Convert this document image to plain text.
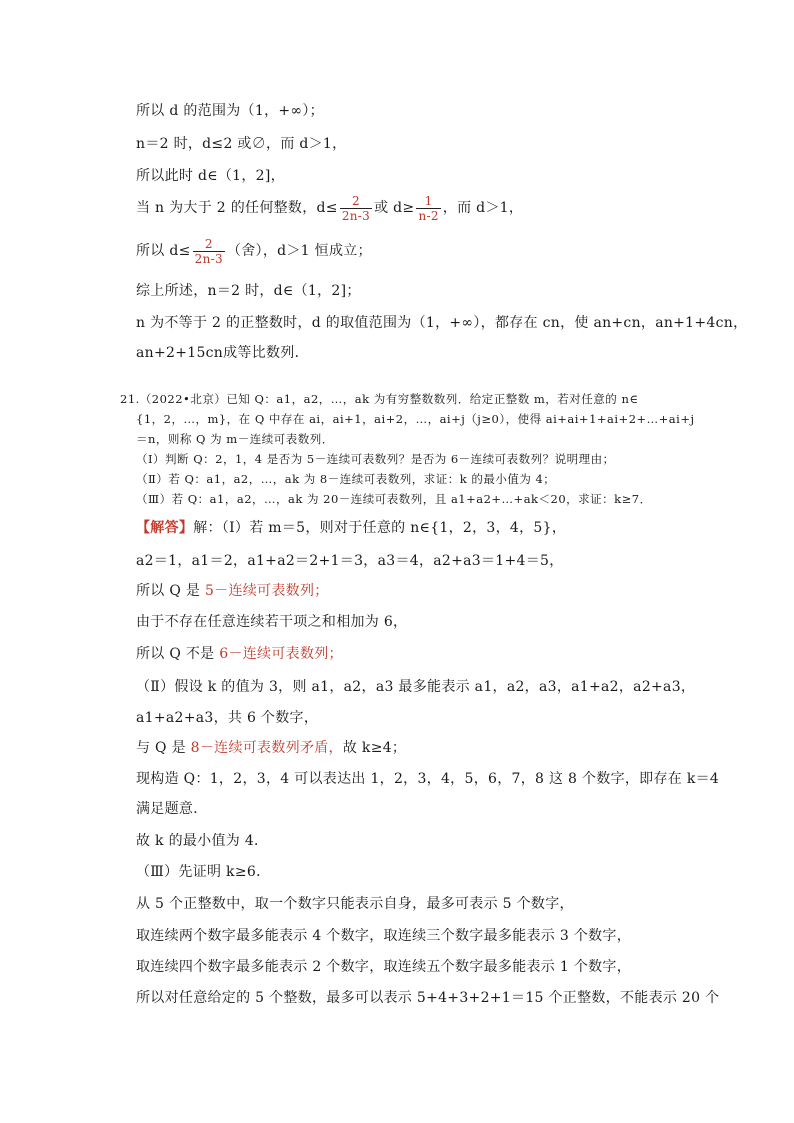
所以 d 的范围为（1，+∞）；
n＝2 时，d≤2 或∅，而 d＞1，
所以此时 d∈（1，2]，
当 n 为大于 2 的任何整数，$d\le \frac{2}{2n-3}$ 或 $d\ge \frac{1}{n-2}$ ，而 d＞1，
所以 $d\le \frac{2}{2n-3}$ （舍），d＞1 恒成立；
综上所述，n＝2 时，d∈（1，2]；
n 为不等于 2 的正整数时，d 的取值范围为（1，+∞），都存在 cn，使 an+cn，an+1+4cn，
an+2+15cn成等比数列．
21.（2022•北京）已知 Q：a1，a2，…，ak 为有穷整数数列．给定正整数 m，若对任意的 n∈
{1，2，…，m}，在 Q 中存在 ai，ai+1，ai+2，…，ai+j（j≥0），使得 ai+ai+1+ai+2+…+ai+j
＝n，则称 Q 为 m－连续可表数列．
（Ⅰ）判断 Q：2，1，4 是否为 5－连续可表数列？是否为 6－连续可表数列？说明理由；
（Ⅱ）若 Q：a1，a2，…，ak 为 8－连续可表数列，求证：k 的最小值为 4；
（Ⅲ）若 Q：a1，a2，…，ak 为 20－连续可表数列，且 a1+a2+…+ak＜20，求证：k≥7．
【解答】解：（Ⅰ）若 m＝5，则对于任意的 n∈{1，2，3，4，5}，
a2＝1，a1＝2，a1+a2＝2+1＝3，a3＝4，a2+a3＝1+4＝5，
所以 Q 是 5－连续可表数列；
由于不存在任意连续若干项之和相加为 6，
所以 Q 不是 6－连续可表数列；
（Ⅱ）假设 k 的值为 3，则 a1，a2，a3 最多能表示 a1，a2，a3，a1+a2，a2+a3，
a1+a2+a3，共 6 个数字，
与 Q 是 8－连续可表数列矛盾，故 k≥4；
现构造 Q：1，2，3，4 可以表达出 1，2，3，4，5，6，7，8 这 8 个数字，即存在 k＝4
满足题意．
故 k 的最小值为 4．
（Ⅲ）先证明 k≥6．
从 5 个正整数中，取一个数字只能表示自身，最多可表示 5 个数字，
取连续两个数字最多能表示 4 个数字，取连续三个数字最多能表示 3 个数字，
取连续四个数字最多能表示 2 个数字，取连续五个数字最多能表示 1 个数字，
所以对任意给定的 5 个整数，最多可以表示 5+4+3+2+1＝15 个正整数，不能表示 20 个
